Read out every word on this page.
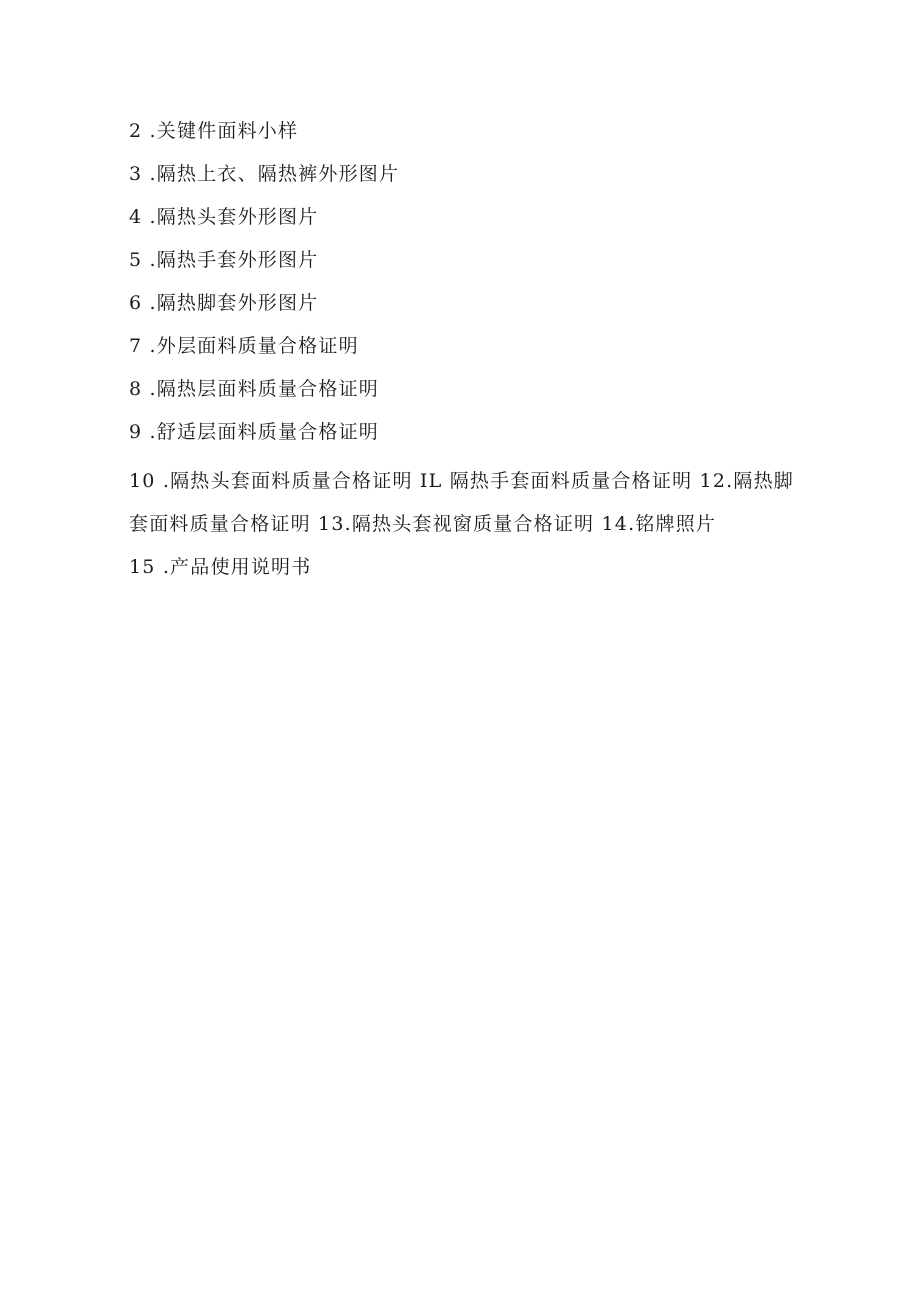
2 .关键件面料小样
3 .隔热上衣、隔热裤外形图片
4 .隔热头套外形图片
5 .隔热手套外形图片
6 .隔热脚套外形图片
7 .外层面料质量合格证明
8 .隔热层面料质量合格证明
9 .舒适层面料质量合格证明
10 .隔热头套面料质量合格证明 IL 隔热手套面料质量合格证明 12.隔热脚套面料质量合格证明 13.隔热头套视窗质量合格证明 14.铭牌照片
15 .产品使用说明书
